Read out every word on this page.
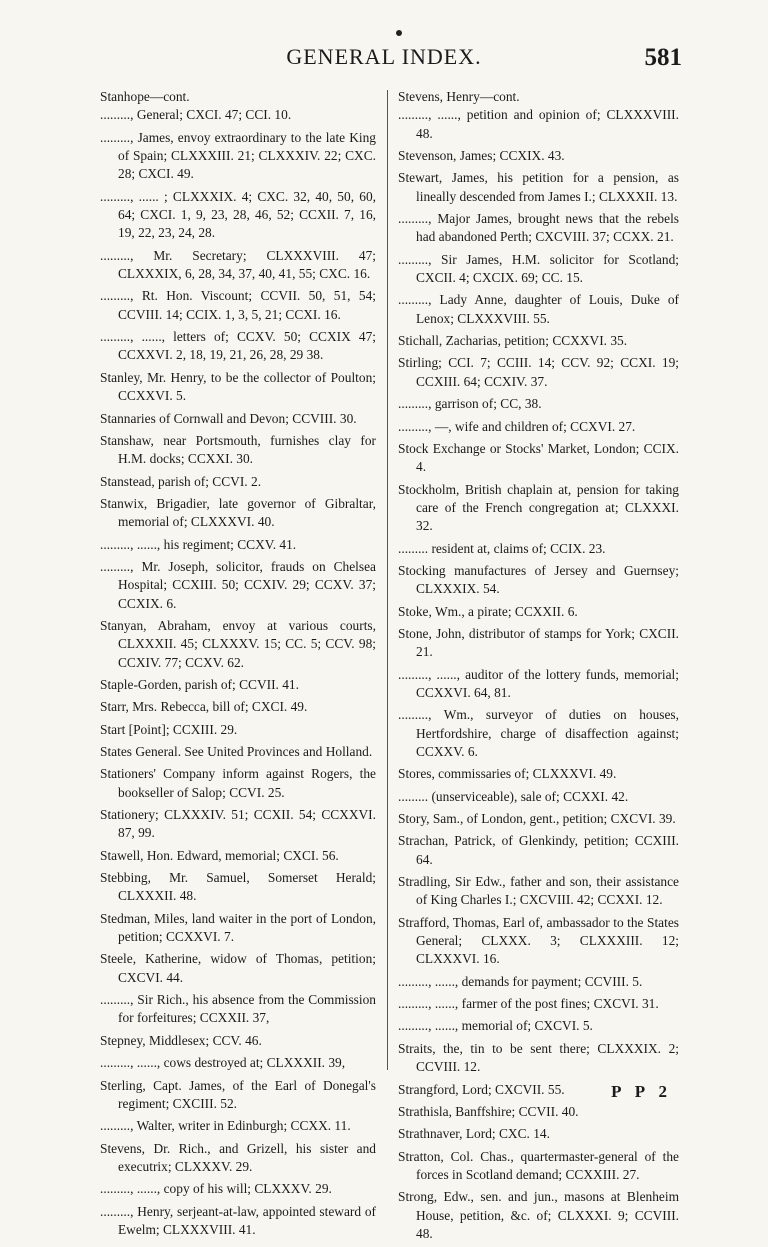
GENERAL INDEX.	581

Stanhope—cont.

........., General; CXCI. 47; CCI. 10.

........., James, envoy extraordinary to the late King of Spain; CLXXXIII. 21; CLXXXIV. 22; CXC. 28; CXCI. 49.

........., ...... ; CLXXXIX. 4; CXC. 32, 40, 50, 60, 64; CXCI. 1, 9, 23, 28, 46, 52; CCXII. 7, 16, 19, 22, 23, 24, 28.

........., Mr. Secretary; CLXXXVIII. 47; CLXXXIX, 6, 28, 34, 37, 40, 41, 55; CXC. 16.

........., Rt. Hon. Viscount; CCVII. 50, 51, 54; CCVIII. 14; CCIX. 1, 3, 5, 21; CCXI. 16.

........., ......, letters of; CCXV. 50; CCXIX 47; CCXXVI. 2, 18, 19, 21, 26, 28, 29 38.

Stanley, Mr. Henry, to be the collector of Poulton; CCXXVI. 5.

Stannaries of Cornwall and Devon; CCVIII. 30.

Stanshaw, near Portsmouth, furnishes clay for H.M. docks; CCXXI. 30.

Stanstead, parish of; CCVI. 2.

Stanwix, Brigadier, late governor of Gibraltar, memorial of; CLXXXVI. 40.

........., ......, his regiment; CCXV. 41.

........., Mr. Joseph, solicitor, frauds on Chelsea Hospital; CCXIII. 50; CCXIV. 29; CCXV. 37; CCXIX. 6.

Stanyan, Abraham, envoy at various courts, CLXXXII. 45; CLXXXV. 15; CC. 5; CCV. 98; CCXIV. 77; CCXV. 62.

Staple-Gorden, parish of; CCVII. 41.

Starr, Mrs. Rebecca, bill of; CXCI. 49.

Start [Point]; CCXIII. 29.

States General. See United Provinces and Holland.

Stationers' Company inform against Rogers, the bookseller of Salop; CCVI. 25.

Stationery; CLXXXIV. 51; CCXII. 54; CCXXVI. 87, 99.

Stawell, Hon. Edward, memorial; CXCI. 56.

Stebbing, Mr. Samuel, Somerset Herald; CLXXXII. 48.

Stedman, Miles, land waiter in the port of London, petition; CCXXVI. 7.

Steele, Katherine, widow of Thomas, petition; CXCVI. 44.

........., Sir Rich., his absence from the Commission for forfeitures; CCXXII. 37,

Stepney, Middlesex; CCV. 46.

........., ......, cows destroyed at; CLXXXII. 39,

Sterling, Capt. James, of the Earl of Donegal's regiment; CXCIII. 52.

........., Walter, writer in Edinburgh; CCXX. 11.

Stevens, Dr. Rich., and Grizell, his sister and executrix; CLXXXV. 29.

........., ......, copy of his will; CLXXXV. 29.

........., Henry, serjeant-at-law, appointed steward of Ewelm; CLXXXVIII. 41.

Stevens, Henry—cont.

........., ......, petition and opinion of; CLXXXVIII. 48.

Stevenson, James; CCXIX. 43.

Stewart, James, his petition for a pension, as lineally descended from James I.; CLXXXII. 13.

........., Major James, brought news that the rebels had abandoned Perth; CXCVIII. 37; CCXX. 21.

........., Sir James, H.M. solicitor for Scotland; CXCII. 4; CXCIX. 69; CC. 15.

........., Lady Anne, daughter of Louis, Duke of Lenox; CLXXXVIII. 55.

Stichall, Zacharias, petition; CCXXVI. 35.

Stirling; CCI. 7; CCIII. 14; CCV. 92; CCXI. 19; CCXIII. 64; CCXIV. 37.

........., garrison of; CC, 38.

........., —, wife and children of; CCXVI. 27.

Stock Exchange or Stocks' Market, London; CCIX. 4.

Stockholm, British chaplain at, pension for taking care of the French congregation at; CLXXXI. 32.

......... resident at, claims of; CCIX. 23.

Stocking manufactures of Jersey and Guernsey; CLXXXIX. 54.

Stoke, Wm., a pirate; CCXXII. 6.

Stone, John, distributor of stamps for York; CXCII. 21.

........., ......, auditor of the lottery funds, memorial; CCXXVI. 64, 81.

........., Wm., surveyor of duties on houses, Hertfordshire, charge of disaffection against; CCXXV. 6.

Stores, commissaries of; CLXXXVI. 49.

......... (unserviceable), sale of; CCXXI. 42.

Story, Sam., of London, gent., petition; CXCVI. 39.

Strachan, Patrick, of Glenkindy, petition; CCXIII. 64.

Stradling, Sir Edw., father and son, their assistance of King Charles I.; CXCVIII. 42; CCXXI. 12.

Strafford, Thomas, Earl of, ambassador to the States General; CLXXX. 3; CLXXXIII. 12; CLXXXVI. 16.

........., ......, demands for payment; CCVIII. 5.

........., ......, farmer of the post fines; CXCVI. 31.

........., ......, memorial of; CXCVI. 5.

Straits, the, tin to be sent there; CLXXXIX. 2; CCVIII. 12.

Strangford, Lord; CXCVII. 55.

Strathisla, Banffshire; CCVII. 40.

Strathnaver, Lord; CXC. 14.

Stratton, Col. Chas., quartermaster-general of the forces in Scotland demand; CCXXIII. 27.

Strong, Edw., sen. and jun., masons at Blenheim House, petition, &c. of; CLXXXI. 9; CCVIII. 48.

P P 2
